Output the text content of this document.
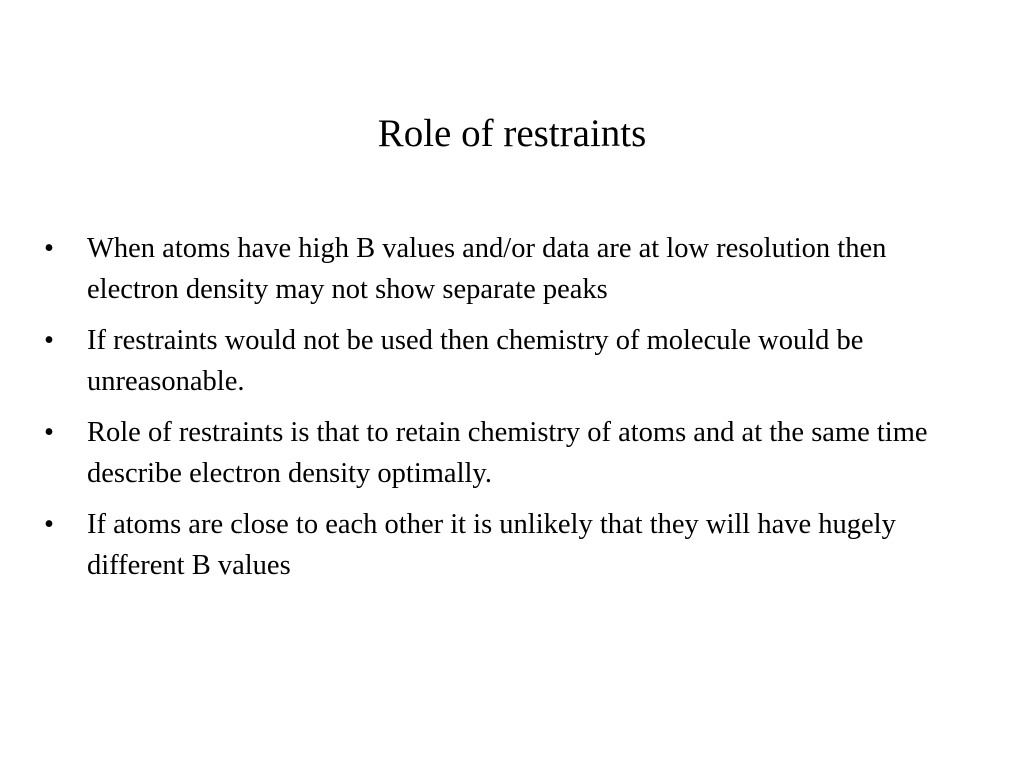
Role of restraints
•	When atoms have high B values and/or data are at low resolution then electron density may not show separate peaks
•	If restraints would not be used then chemistry of molecule would be unreasonable.
•	Role of restraints is that to retain chemistry of atoms and at the same time describe electron density optimally.
•	If atoms are close to each other it is unlikely that they will have hugely different B values
